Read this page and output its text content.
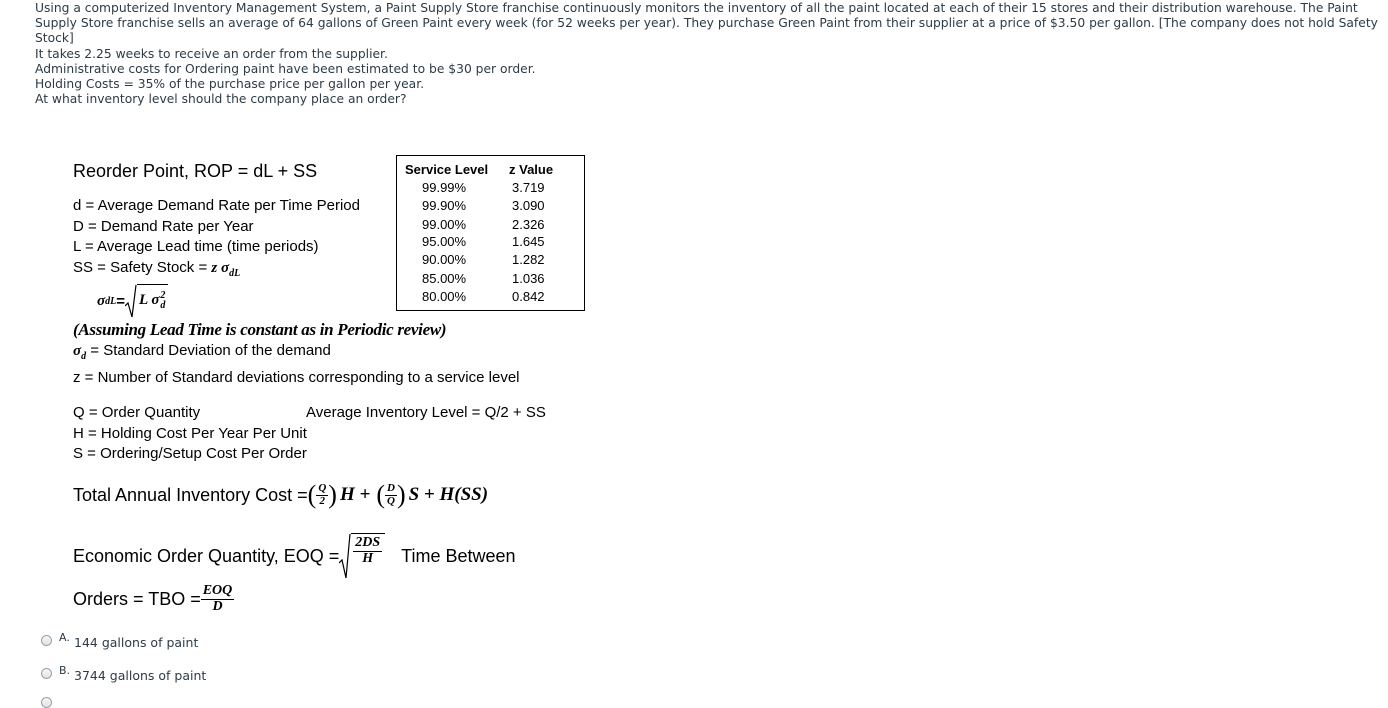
Using a computerized Inventory Management System, a Paint Supply Store franchise continuously monitors the inventory of all the paint located at each of their 15 stores and their distribution warehouse. The Paint Supply Store franchise sells an average of 64 gallons of Green Paint every week (for 52 weeks per year). They purchase Green Paint from their supplier at a price of $3.50 per gallon. [The company does not hold Safety Stock]

It takes 2.25 weeks to receive an order from the supplier.

Administrative costs for Ordering paint have been estimated to be $30 per order.

Holding Costs = 35% of the purchase price per gallon per year.

At what inventory level should the company place an order?

Reorder Point, ROP = dL + SS

d = Average Demand Rate per Time Period

D = Demand Rate per Year

L = Average Lead time (time periods)

SS = Safety Stock = z $\sigma_{dL}$

σ dL = L σ 2
d
(Assuming Lead Time is constant as in Periodic review)

$\sigma_d$ = Standard Deviation of the demand

z = Number of Standard deviations corresponding to a service level

Q = Order Quantity

H = Holding Cost Per Year Per Unit

S = Ordering/Setup Cost Per Order

Average Inventory Level = Q/2 + SS
Total Annual Inventory Cost = ( $\frac{Q}{2}$ ) H + ( $\frac{D}{Q}$ ) S + H(SS)
Economic Order Quantity, EOQ = $\frac{2DS}{H}$ Time Between
Orders = TBO = $\frac{\text{EOQ}}{D}$
Service Level z Value
99.99%	3.719
99.90%	3.090
99.00%	2.326
95.00%	1.645
90.00%	1.282
85.00%	1.036
80.00%	0.842
A. 144 gallons of paint
B. 3744 gallons of paint
